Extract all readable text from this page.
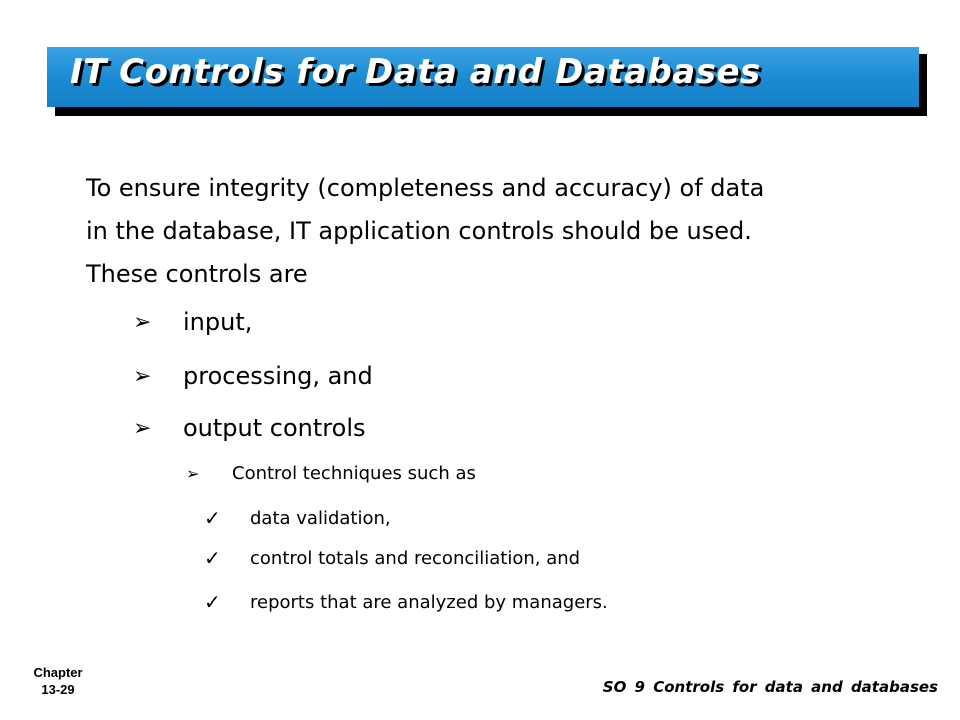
IT Controls for Data and Databases
To ensure integrity (completeness and accuracy) of data
in the database, IT application controls should be used.
These controls are
➢	input,
➢	processing, and
➢	output controls
➢	Control techniques such as
✓	data validation,
✓	control totals and reconciliation, and
✓	reports that are analyzed by managers.
Chapter
13-29	SO 9 Controls for data and databases
